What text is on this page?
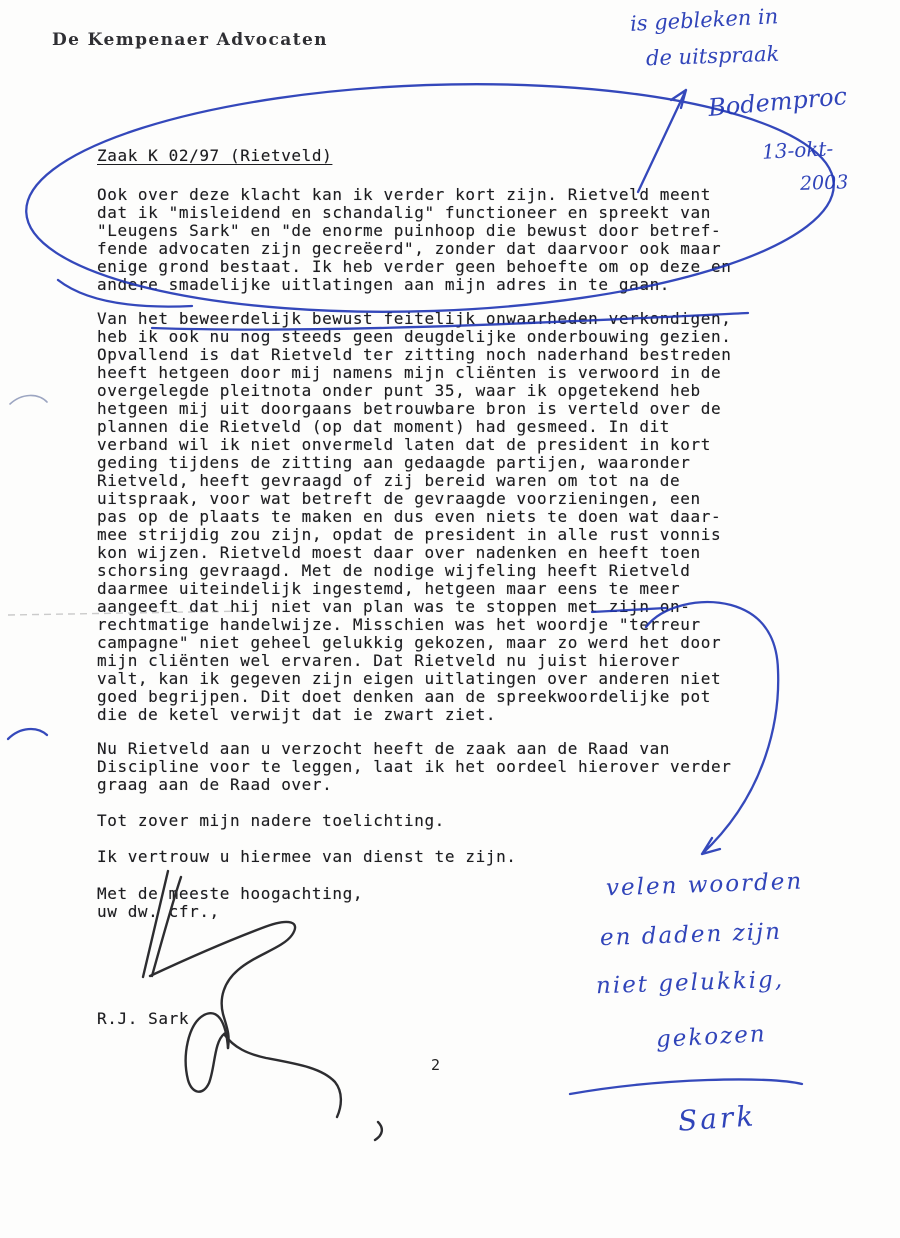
De Kempenaer Advocaten
Zaak K 02/97 (Rietveld)
Ook over deze klacht kan ik verder kort zijn. Rietveld meent
dat ik "misleidend en schandalig" functioneer en spreekt van
"Leugens Sark" en "de enorme puinhoop die bewust door betref-
fende advocaten zijn gecreëerd", zonder dat daarvoor ook maar
enige grond bestaat. Ik heb verder geen behoefte om op deze en
andere smadelijke uitlatingen aan mijn adres in te gaan.
Van het beweerdelijk bewust feitelijk onwaarheden verkondigen,
heb ik ook nu nog steeds geen deugdelijke onderbouwing gezien.
Opvallend is dat Rietveld ter zitting noch naderhand bestreden
heeft hetgeen door mij namens mijn cliënten is verwoord in de
overgelegde pleitnota onder punt 35, waar ik opgetekend heb
hetgeen mij uit doorgaans betrouwbare bron is verteld over de
plannen die Rietveld (op dat moment) had gesmeed. In dit
verband wil ik niet onvermeld laten dat de president in kort
geding tijdens de zitting aan gedaagde partijen, waaronder
Rietveld, heeft gevraagd of zij bereid waren om tot na de
uitspraak, voor wat betreft de gevraagde voorzieningen, een
pas op de plaats te maken en dus even niets te doen wat daar-
mee strijdig zou zijn, opdat de president in alle rust vonnis
kon wijzen. Rietveld moest daar over nadenken en heeft toen
schorsing gevraagd. Met de nodige wijfeling heeft Rietveld
daarmee uiteindelijk ingestemd, hetgeen maar eens te meer
aangeeft dat hij niet van plan was te stoppen met zijn on-
rechtmatige handelwijze. Misschien was het woordje "terreur
campagne" niet geheel gelukkig gekozen, maar zo werd het door
mijn cliënten wel ervaren. Dat Rietveld nu juist hierover
valt, kan ik gegeven zijn eigen uitlatingen over anderen niet
goed begrijpen. Dit doet denken aan de spreekwoordelijke pot
die de ketel verwijt dat ie zwart ziet.
Nu Rietveld aan u verzocht heeft de zaak aan de Raad van
Discipline voor te leggen, laat ik het oordeel hierover verder
graag aan de Raad over.
Tot zover mijn nadere toelichting.
Ik vertrouw u hiermee van dienst te zijn.
Met de meeste hoogachting,
uw dw. cfr.,
R.J. Sark
2
is gebleken in
de uitspraak
Bodemproc
13-okt-
2003
velen woorden
en daden zijn
niet gelukkig,
gekozen
Sark
